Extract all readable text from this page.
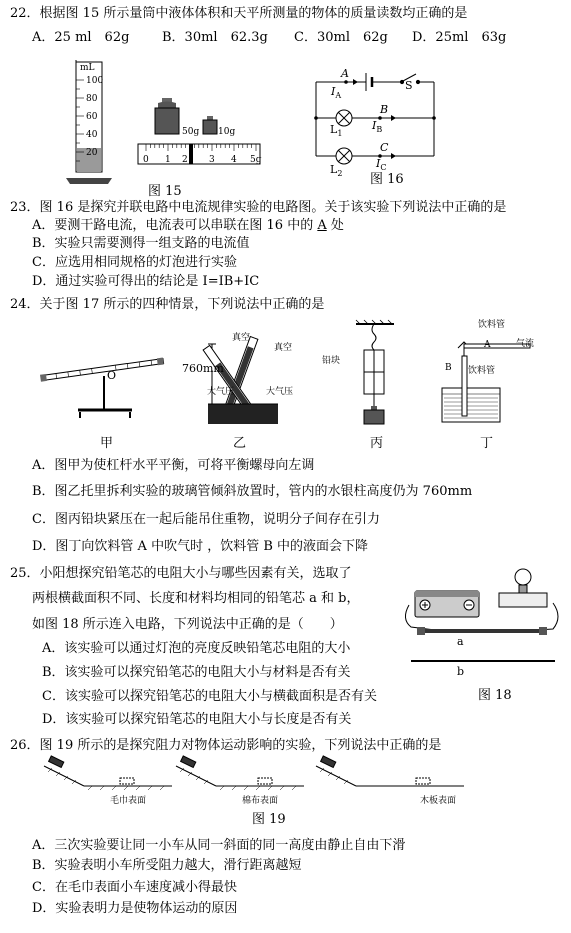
22．根据图 15 所示量筒中液体体积和天平所测量的物体的质量读数均正确的是
A．25 ml　62g	B．30ml　62.3g C．30ml　62g D．25ml　63g
mL
100
80
60
40
20
50g 10g
0 1 2 3 4 5g
图 15
A
S
$I_A$
B
$L_1$
$I_B$
C
$L_2$
$I_C$
图 16
23．图 16 是探究并联电路中电流规律实验的电路图。关于该实验下列说法中正确的是
A．要测干路电流，电流表可以串联在图 16 中的 A 处
B．实验只需要测得一组支路的电流值
C．应选用相同规格的灯泡进行实验
D．通过实验可得出的结论是 I=IB+IC
24．关于图 17 所示的四种情景，下列说法中正确的是
O
甲
真空
真空
760mm
大气压	大气压
乙
铅块
丙
饮料管
饮料管
气流
A
B
丁
A．图甲为使杠杆水平平衡，可将平衡螺母向左调
B．图乙托里拆利实验的玻璃管倾斜放置时，管内的水银柱高度仍为 760mm
C．图丙铅块紧压在一起后能吊住重物，说明分子间存在引力
D．图丁向饮料管 A 中吹气时 ，饮料管 B 中的液面会下降
25．小阳想探究铅笔芯的电阻大小与哪些因素有关，选取了
两根横截面积不同、长度和材料均相同的铅笔芯 a 和 b，
如图 18 所示连入电路，下列说法中正确的是（　　）
A．该实验可以通过灯泡的亮度反映铅笔芯电阻的大小
B．该实验可以探究铅笔芯的电阻大小与材料是否有关
C．该实验可以探究铅笔芯的电阻大小与横截面积是否有关
D．该实验可以探究铅笔芯的电阻大小与长度是否有关
a
b
图 18
26．图 19 所示的是探究阻力对物体运动影响的实验，下列说法中正确的是
毛巾表面	棉布表面	木板表面
图 19
A．三次实验要让同一小车从同一斜面的同一高度由静止自由下滑
B．实验表明小车所受阻力越大，滑行距离越短
C．在毛巾表面小车速度减小得最快
D．实验表明力是使物体运动的原因
